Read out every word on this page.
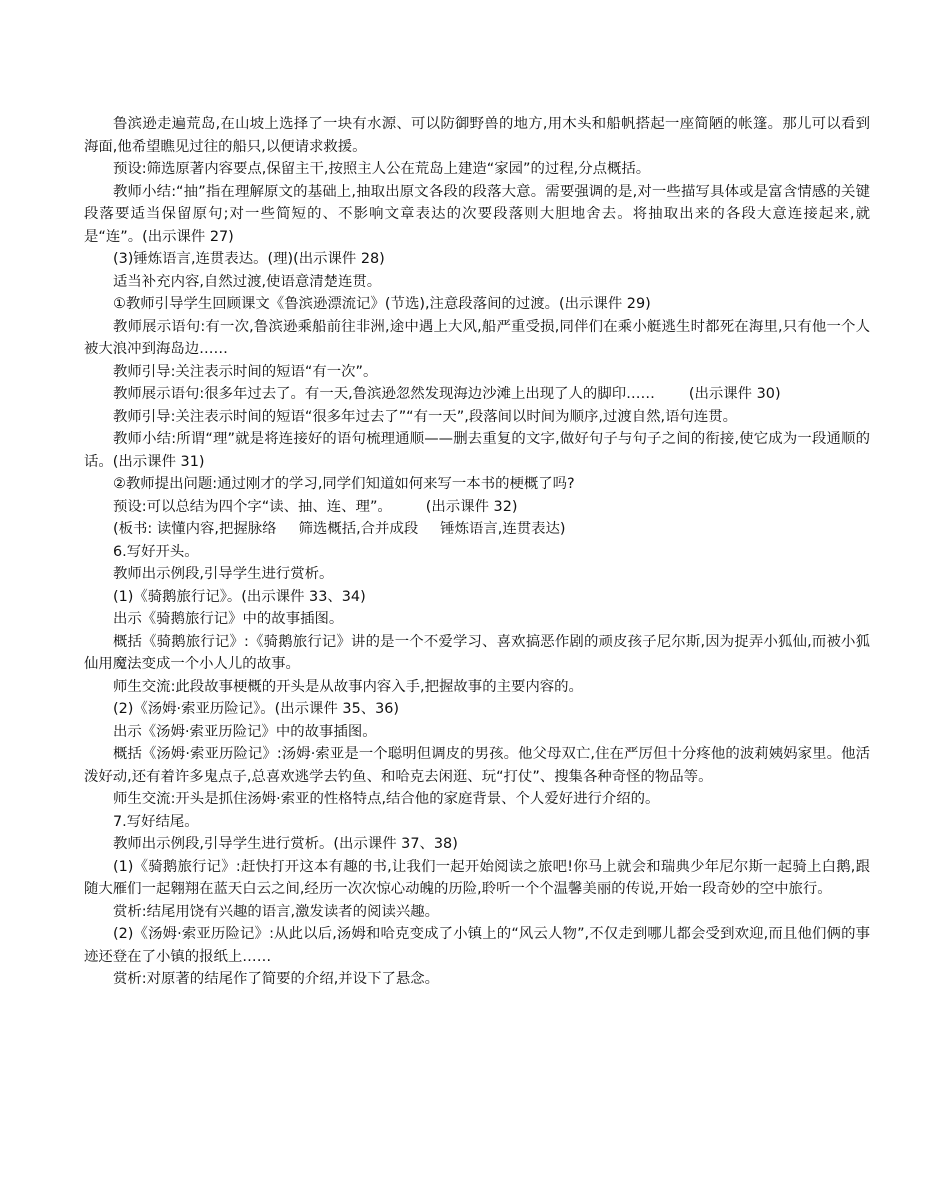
鲁滨逊走遍荒岛,在山坡上选择了一块有水源、可以防御野兽的地方,用木头和船帆搭起一座简陋的帐篷。那儿可以看到海面,他希望瞧见过往的船只,以便请求救援。

预设:筛选原著内容要点,保留主干,按照主人公在荒岛上建造“家园”的过程,分点概括。

教师小结:“抽”指在理解原文的基础上,抽取出原文各段的段落大意。需要强调的是,对一些描写具体或是富含情感的关键段落要适当保留原句;对一些简短的、不影响文章表达的次要段落则大胆地舍去。将抽取出来的各段大意连接起来,就是“连”。(出示课件 27)

(3)锤炼语言,连贯表达。(理)(出示课件 28)

适当补充内容,自然过渡,使语意清楚连贯。

①教师引导学生回顾课文《鲁滨逊漂流记》(节选),注意段落间的过渡。(出示课件 29)

教师展示语句:有一次,鲁滨逊乘船前往非洲,途中遇上大风,船严重受损,同伴们在乘小艇逃生时都死在海里,只有他一个人被大浪冲到海岛边……

教师引导:关注表示时间的短语“有一次”。

教师展示语句:很多年过去了。有一天,鲁滨逊忽然发现海边沙滩上出现了人的脚印…… (出示课件 30)

教师引导:关注表示时间的短语“很多年过去了”“有一天”,段落间以时间为顺序,过渡自然,语句连贯。

教师小结:所谓“理”就是将连接好的语句梳理通顺——删去重复的文字,做好句子与句子之间的衔接,使它成为一段通顺的话。(出示课件 31)

②教师提出问题:通过刚才的学习,同学们知道如何来写一本书的梗概了吗?

预设:可以总结为四个字“读、抽、连、理”。 (出示课件 32)

(板书: 读懂内容,把握脉络 筛选概括,合并成段 锤炼语言,连贯表达)

6.写好开头。

教师出示例段,引导学生进行赏析。

(1)《骑鹅旅行记》。(出示课件 33、34)

出示《骑鹅旅行记》中的故事插图。

概括《骑鹅旅行记》:《骑鹅旅行记》讲的是一个不爱学习、喜欢搞恶作剧的顽皮孩子尼尔斯,因为捉弄小狐仙,而被小狐仙用魔法变成一个小人儿的故事。

师生交流:此段故事梗概的开头是从故事内容入手,把握故事的主要内容的。

(2)《汤姆·索亚历险记》。(出示课件 35、36)

出示《汤姆·索亚历险记》中的故事插图。

概括《汤姆·索亚历险记》:汤姆·索亚是一个聪明但调皮的男孩。他父母双亡,住在严厉但十分疼他的波莉姨妈家里。他活泼好动,还有着许多鬼点子,总喜欢逃学去钓鱼、和哈克去闲逛、玩“打仗”、搜集各种奇怪的物品等。

师生交流:开头是抓住汤姆·索亚的性格特点,结合他的家庭背景、个人爱好进行介绍的。

7.写好结尾。

教师出示例段,引导学生进行赏析。(出示课件 37、38)

(1)《骑鹅旅行记》:赶快打开这本有趣的书,让我们一起开始阅读之旅吧!你马上就会和瑞典少年尼尔斯一起骑上白鹅,跟随大雁们一起翱翔在蓝天白云之间,经历一次次惊心动魄的历险,聆听一个个温馨美丽的传说,开始一段奇妙的空中旅行。

赏析:结尾用饶有兴趣的语言,激发读者的阅读兴趣。

(2)《汤姆·索亚历险记》:从此以后,汤姆和哈克变成了小镇上的“风云人物”,不仅走到哪儿都会受到欢迎,而且他们俩的事迹还登在了小镇的报纸上……

赏析:对原著的结尾作了简要的介绍,并设下了悬念。
